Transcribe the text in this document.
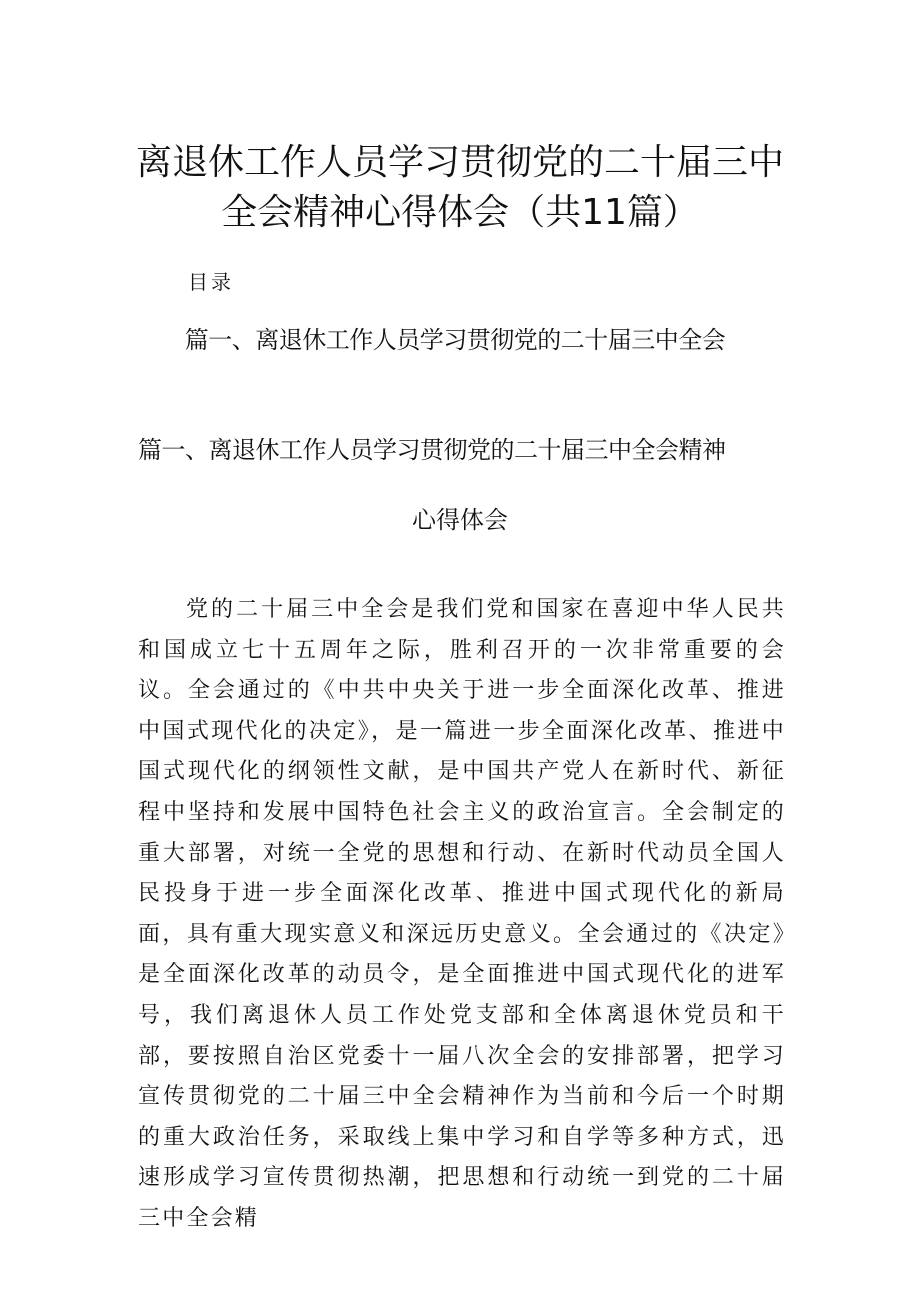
离退休工作人员学习贯彻党的二十届三中
全会精神心得体会（共11篇）
目录
篇一、离退休工作人员学习贯彻党的二十届三中全会
篇一、离退休工作人员学习贯彻党的二十届三中全会精神
心得体会

党的二十届三中全会是我们党和国家在喜迎中华人民共和国成立七十五周年之际，胜利召开的一次非常重要的会议。全会通过的《中共中央关于进一步全面深化改革、推进中国式现代化的决定》，是一篇进一步全面深化改革、推进中国式现代化的纲领性文献，是中国共产党人在新时代、新征程中坚持和发展中国特色社会主义的政治宣言。全会制定的重大部署，对统一全党的思想和行动、在新时代动员全国人民投身于进一步全面深化改革、推进中国式现代化的新局面，具有重大现实意义和深远历史意义。全会通过的《决定》是全面深化改革的动员令，是全面推进中国式现代化的进军号，我们离退休人员工作处党支部和全体离退休党员和干部，要按照自治区党委十一届八次全会的安排部署，把学习宣传贯彻党的二十届三中全会精神作为当前和今后一个时期的重大政治任务，采取线上集中学习和自学等多种方式，迅速形成学习宣传贯彻热潮，把思想和行动统一到党的二十届三中全会精
